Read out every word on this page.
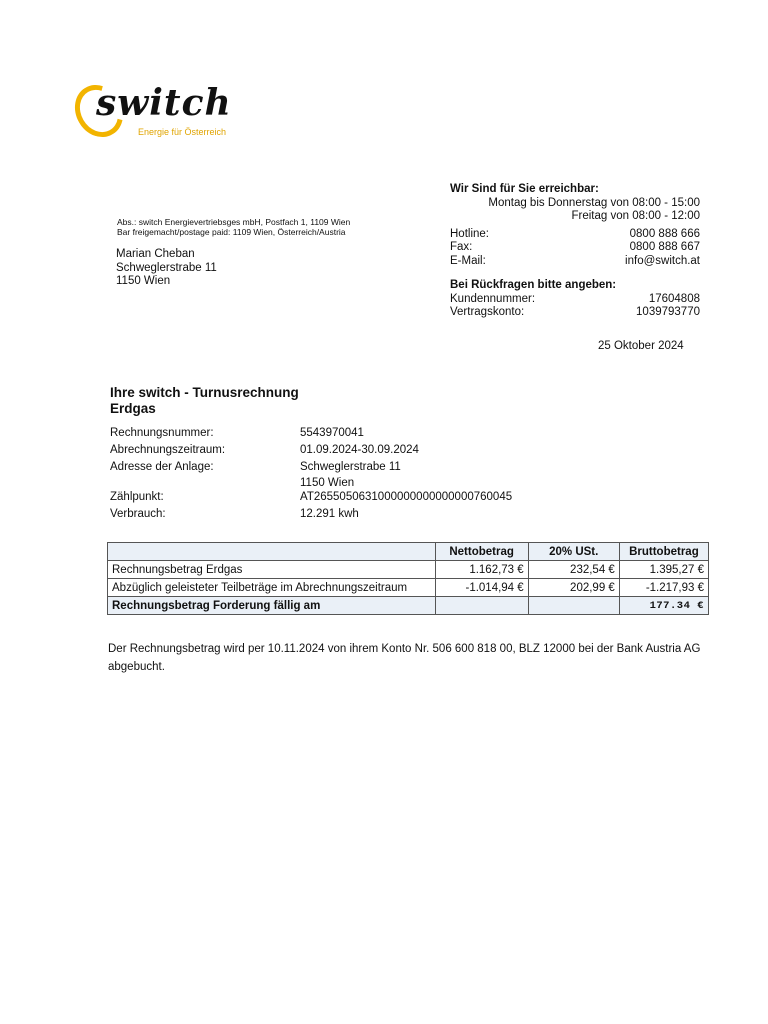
switch
Energie für Österreich
Wir Sind für Sie erreichbar:
Montag bis Donnerstag von 08:00 - 15:00
Freitag von 08:00 - 12:00
Hotline:	0800 888 666
Fax:	0800 888 667
E-Mail:	info@switch.at
Bei Rückfragen bitte angeben:
Kundennummer:	17604808
Vertragskonto:	1039793770
Abs.: switch Energievertriebsges mbH, Postfach 1, 1109 Wien
Bar freigemacht/postage paid: 1109 Wien, Österreich/Austria
Marian Cheban
Schweglerstrabe 11
1150 Wien
25 Oktober 2024
Ihre switch - Turnusrechnung
Erdgas
Rechnungsnummer:	5543970041
Abrechnungszeitraum:	01.09.2024-30.09.2024
Adresse der Anlage:	Schweglerstrabe 11
1150 Wien
Zählpunkt:	AT2655050631000000000000000760045
Verbrauch:	12.291 kwh
	Nettobetrag	20% USt.	Bruttobetrag
Rechnungsbetrag Erdgas	1.162,73 €	232,54 €	1.395,27 €
Abzüglich geleisteter Teilbeträge im Abrechnungszeitraum	-1.014,94 €	202,99 €	-1.217,93 €
Rechnungsbetrag Forderung fällig am			177.34 €
Der Rechnungsbetrag wird per 10.11.2024 von ihrem Konto Nr. 506 600 818 00, BLZ 12000 bei der Bank Austria AG
abgebucht.
